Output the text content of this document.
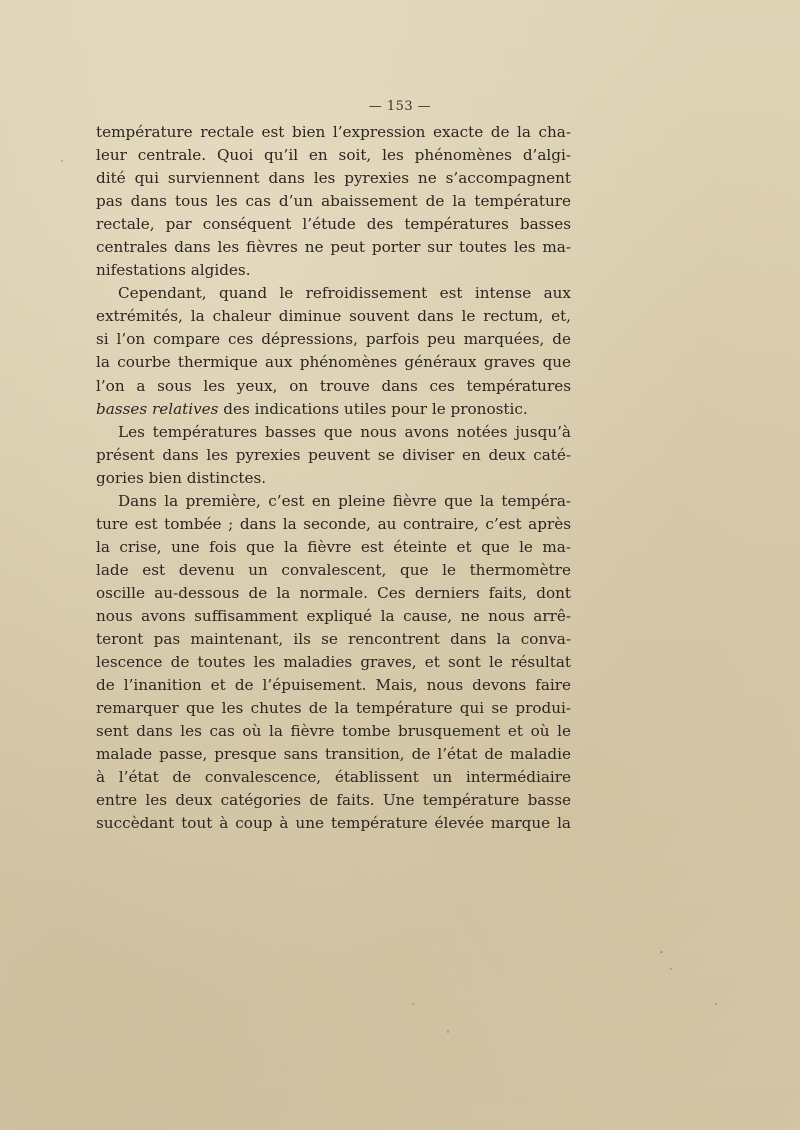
— 153 —
température rectale est bien l’expression exacte de la cha-
leur centrale. Quoi qu’il en soit, les phénomènes d’algi-
dité qui surviennent dans les pyrexies ne s’accompagnent
pas dans tous les cas d’un abaissement de la température
rectale, par conséquent l’étude des températures basses
centrales dans les fièvres ne peut porter sur toutes les ma-
nifestations algides.
Cependant, quand le refroidissement est intense aux
extrémités, la chaleur diminue souvent dans le rectum, et,
si l’on compare ces dépressions, parfois peu marquées, de
la courbe thermique aux phénomènes généraux graves que
l’on a sous les yeux, on trouve dans ces températures
basses relatives des indications utiles pour le pronostic.
Les températures basses que nous avons notées jusqu’à
présent dans les pyrexies peuvent se diviser en deux caté-
gories bien distinctes.
Dans la première, c’est en pleine fièvre que la tempéra-
ture est tombée ; dans la seconde, au contraire, c’est après
la crise, une fois que la fièvre est éteinte et que le ma-
lade est devenu un convalescent, que le thermomètre
oscille au-dessous de la normale. Ces derniers faits, dont
nous avons suffisamment expliqué la cause, ne nous arrê-
teront pas maintenant, ils se rencontrent dans la conva-
lescence de toutes les maladies graves, et sont le résultat
de l’inanition et de l’épuisement. Mais, nous devons faire
remarquer que les chutes de la température qui se produi-
sent dans les cas où la fièvre tombe brusquement et où le
malade passe, presque sans transition, de l’état de maladie
à l’état de convalescence, établissent un intermédiaire
entre les deux catégories de faits. Une température basse
succèdant tout à coup à une température élevée marque la
